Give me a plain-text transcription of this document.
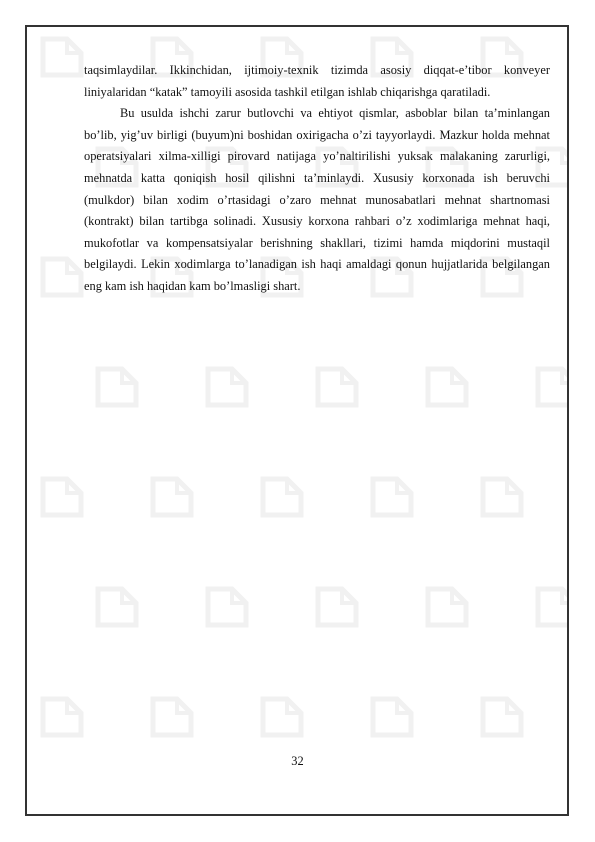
taqsimlaydilar. Ikkinchidan, ijtimoiy-texnik tizimda asosiy diqqat-e’tibor konveyer liniyalaridan “katak” tamoyili asosida tashkil etilgan ishlab chiqarishga qaratiladi.

Bu usulda ishchi zarur butlovchi va ehtiyot qismlar, asboblar bilan ta’minlangan bo’lib, yig’uv birligi (buyum)ni boshidan oxirigacha o’zi tayyorlaydi. Mazkur holda mehnat operatsiyalari xilma-xilligi pirovard natijaga yo’naltirilishi yuksak malakaning zarurligi, mehnatda katta qoniqish hosil qilishni ta’minlaydi. Xususiy korxonada ish beruvchi (mulkdor) bilan xodim o’rtasidagi o’zaro mehnat munosabatlari mehnat shartnomasi (kontrakt) bilan tartibga solinadi. Xususiy korxona rahbari o’z xodimlariga mehnat haqi, mukofotlar va kompensatsiyalar berishning shakllari, tizimi hamda miqdorini mustaqil belgilaydi. Lekin xodimlarga to’lanadigan ish haqi amaldagi qonun hujjatlarida belgilangan eng kam ish haqidan kam bo’lmasligi shart.

32
